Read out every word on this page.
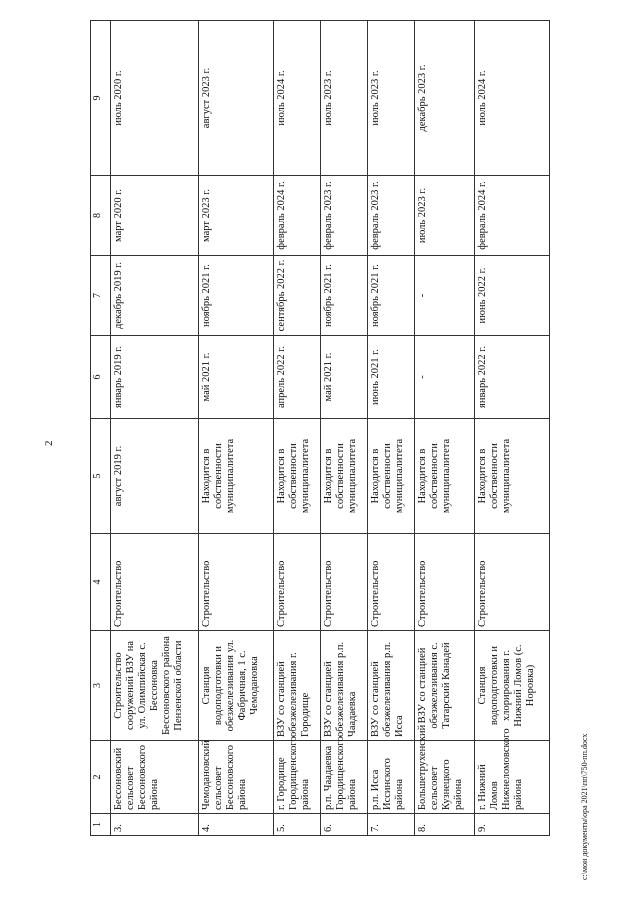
2
1	2	3	4	5	6	7	8	9
3.	Бессоновский сельсовет Бессоновского района	Строительство сооружений ВЗУ на ул. Олимпийская с. Бессоновка Бессоновского района Пензенской области	Строительство	август 2019 г.	январь 2019 г.	декабрь 2019 г.	март 2020 г.	июль 2020 г.
4.	Чемодановский сельсовет Бессоновского района	Станция водоподготовки и обезжелезивания ул. Фабричная, 1 с. Чемодановка	Строительство	Находится в собственности муниципалитета	май 2021 г.	ноябрь 2021 г.	март 2023 г.	август 2023 г.
5.	г. Городище Городищенского района	ВЗУ со станцией обезжелезивания г. Городище	Строительство	Находится в собственности муниципалитета	апрель 2022 г.	сентябрь 2022 г.	февраль 2024 г.	июль 2024 г.
6.	р.п. Чаадаевка Городищенского района	ВЗУ со станцией обезжелезивания р.п. Чаадаевка	Строительство	Находится в собственности муниципалитета	май 2021 г.	ноябрь 2021 г.	февраль 2023 г.	июль 2023 г.
7.	р.п. Исса Иссинского района	ВЗУ со станцией обезжелезивания р.п. Исса	Строительство	Находится в собственности муниципалитета	июнь 2021 г.	ноябрь 2021 г.	февраль 2023 г.	июль 2023 г.
8.	Большетрухенский сельсовет Кузнецкого района	ВЗУ со станцией обезжелезивания с. Татарский Канадей	Строительство	Находится в собственности муниципалитета	-	-	июль 2023 г.	декабрь 2023 г.
9.	г. Нижний Ломов Нижнеломовского района	Станция водоподготовки и хлорирования г. Нижний Ломов (с. Норовка)	Строительство	Находится в собственности муниципалитета	январь 2022 г.	июнь 2022 г.	февраль 2024 г.	июль 2024 г.
c:\мои документы\ора 2021\пп\750-пп.docx
